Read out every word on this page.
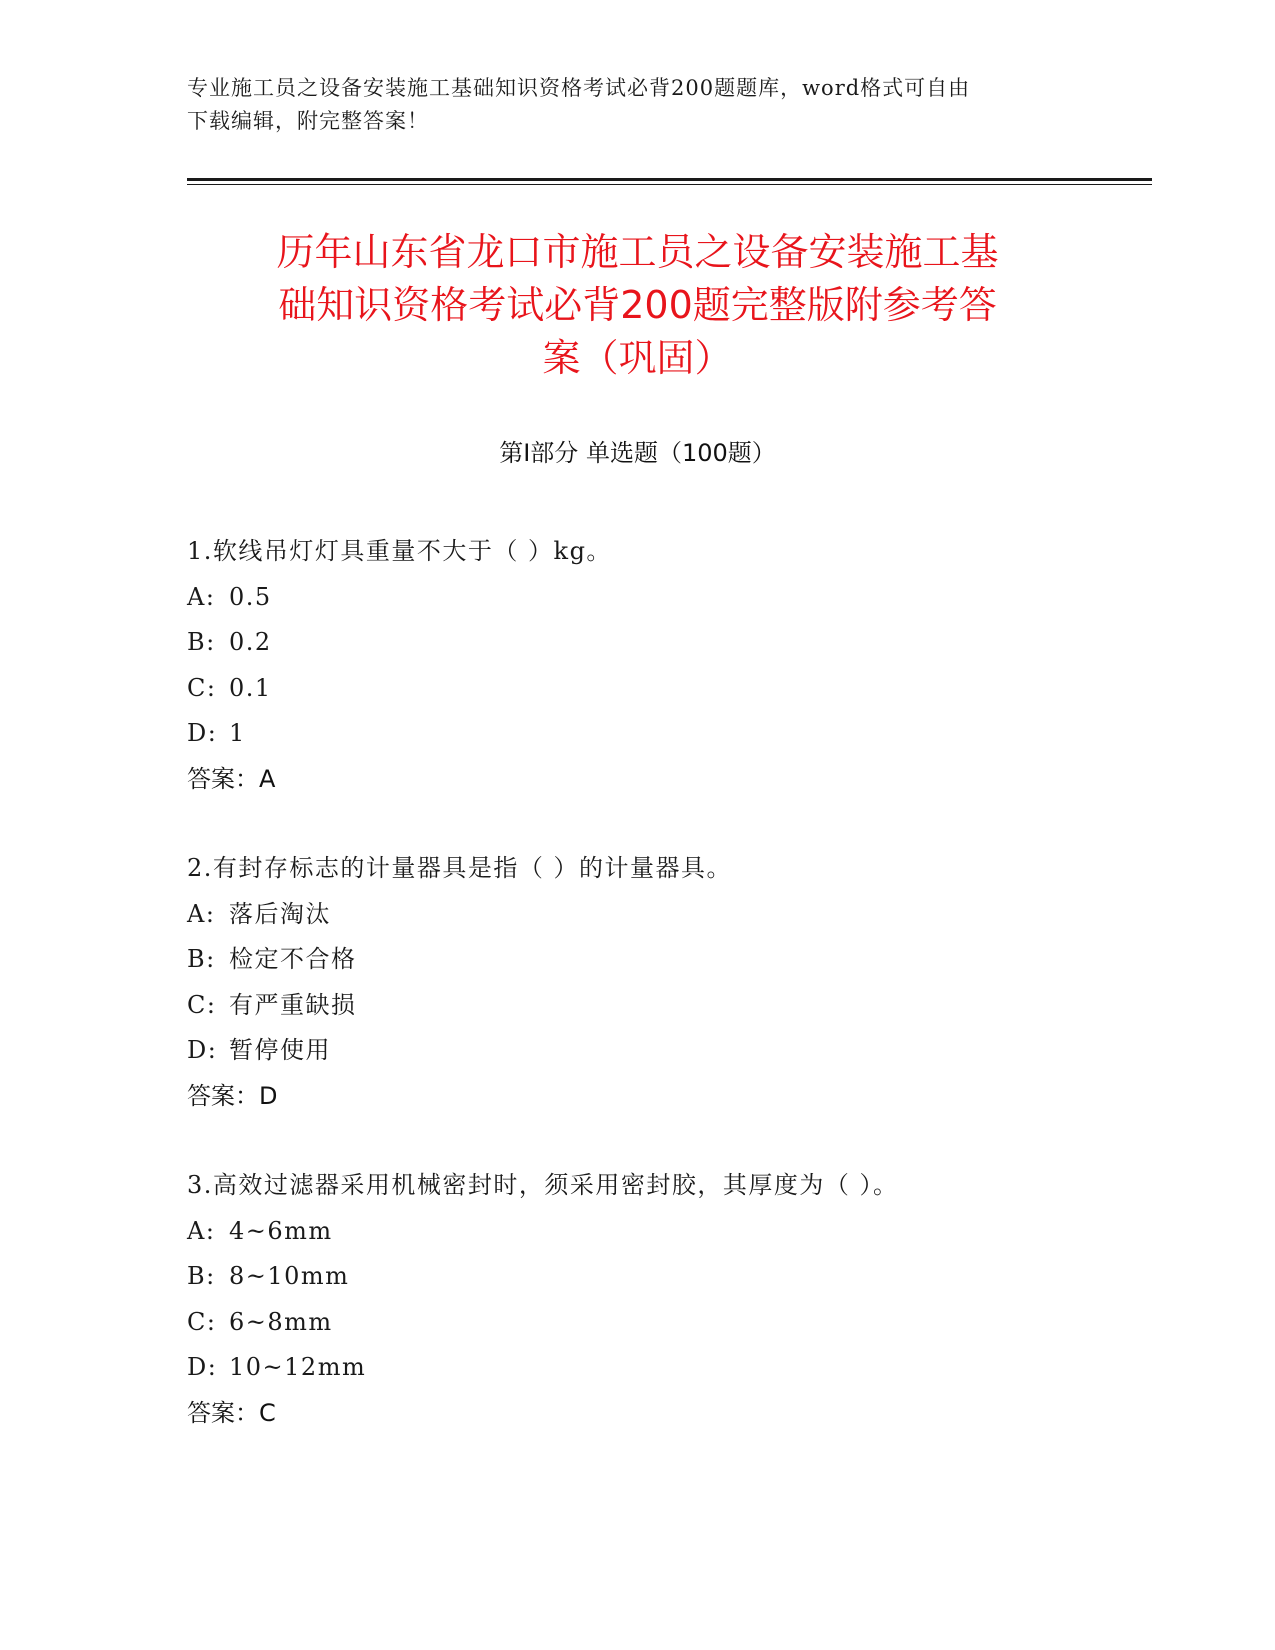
专业施工员之设备安装施工基础知识资格考试必背200题题库，word格式可自由
下载编辑，附完整答案！
历年山东省龙口市施工员之设备安装施工基
础知识资格考试必背200题完整版附参考答
案（巩固）
第Ⅰ部分 单选题（100题）
1.软线吊灯灯具重量不大于（ ）kg。
A: 0.5
B: 0.2
C: 0.1
D: 1
答案：A
2.有封存标志的计量器具是指（ ）的计量器具。
A: 落后淘汰
B: 检定不合格
C: 有严重缺损
D: 暂停使用
答案：D
3.高效过滤器采用机械密封时，须采用密封胶，其厚度为（ ）。
A: 4~6mm
B: 8~10mm
C: 6~8mm
D: 10~12mm
答案：C
